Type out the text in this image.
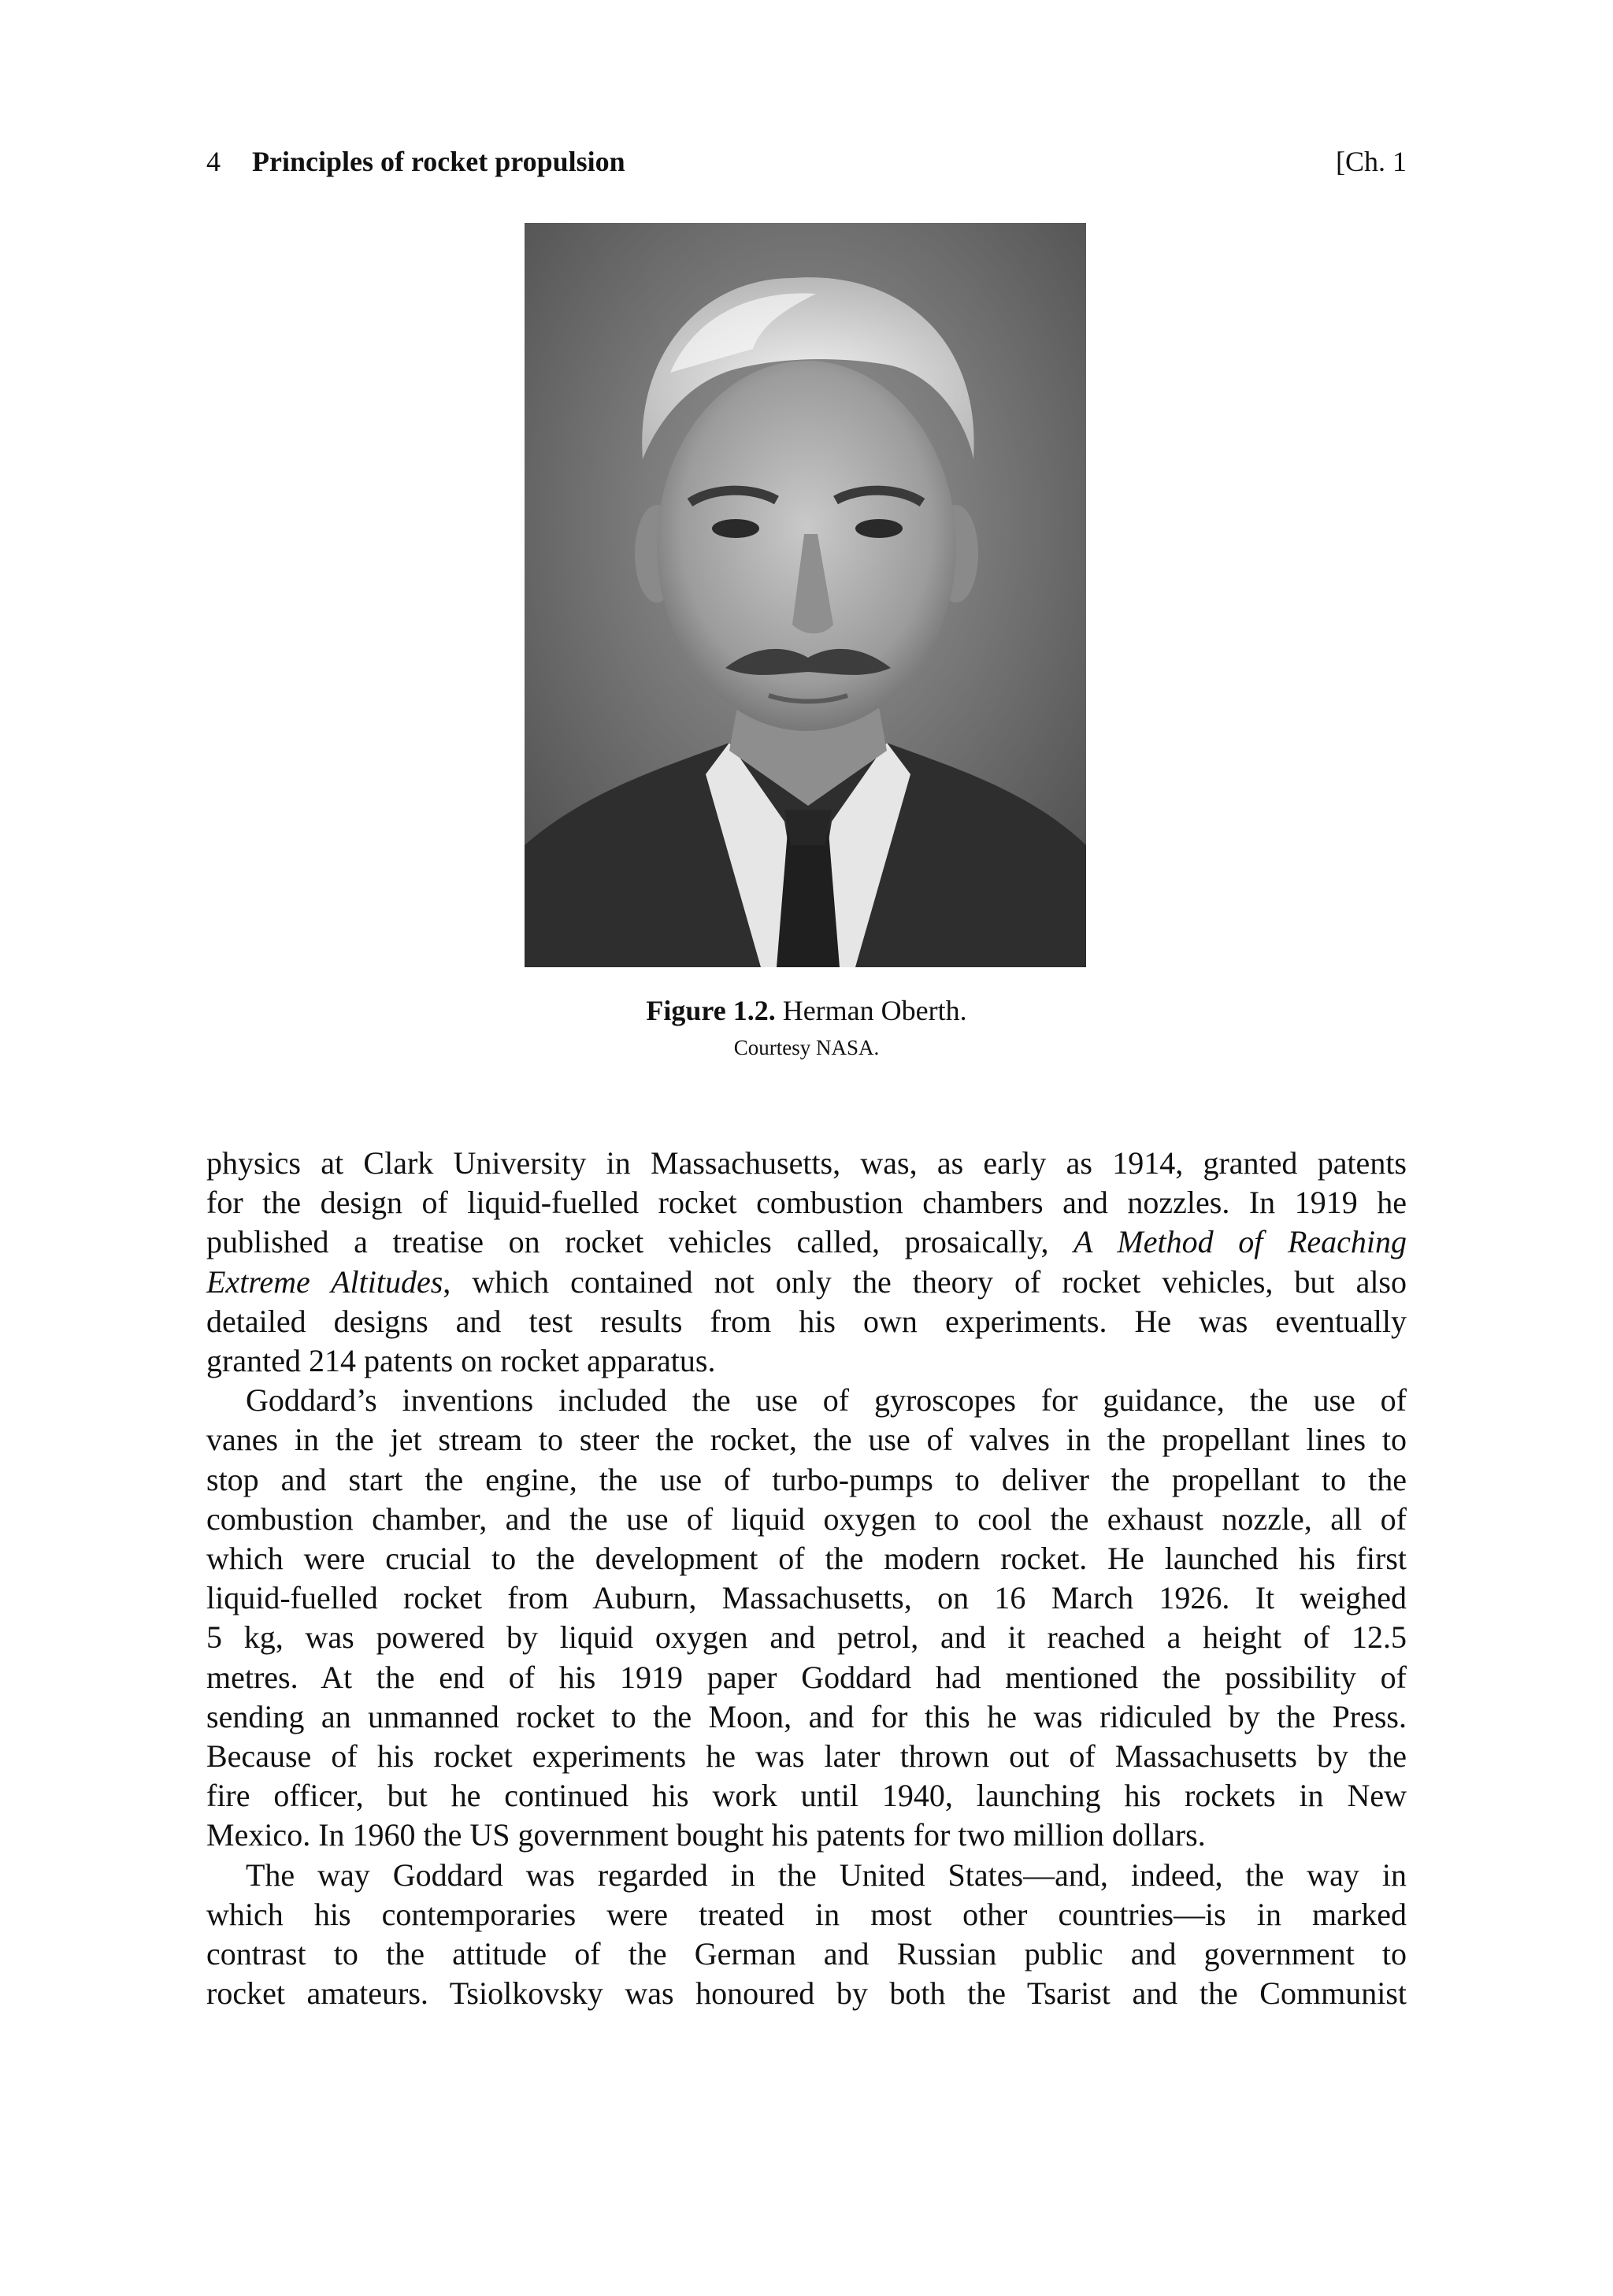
4 Principles of rocket propulsion	[Ch. 1
Figure 1.2. Herman Oberth.
Courtesy NASA.

physics at Clark University in Massachusetts, was, as early as 1914, granted patents
for the design of liquid-fuelled rocket combustion chambers and nozzles. In 1919 he
published a treatise on rocket vehicles called, prosaically, A Method of Reaching
Extreme Altitudes, which contained not only the theory of rocket vehicles, but also
detailed designs and test results from his own experiments. He was eventually
granted 214 patents on rocket apparatus.

Goddard’s inventions included the use of gyroscopes for guidance, the use of
vanes in the jet stream to steer the rocket, the use of valves in the propellant lines to
stop and start the engine, the use of turbo-pumps to deliver the propellant to the
combustion chamber, and the use of liquid oxygen to cool the exhaust nozzle, all of
which were crucial to the development of the modern rocket. He launched his first
liquid-fuelled rocket from Auburn, Massachusetts, on 16 March 1926. It weighed
5 kg, was powered by liquid oxygen and petrol, and it reached a height of 12.5
metres. At the end of his 1919 paper Goddard had mentioned the possibility of
sending an unmanned rocket to the Moon, and for this he was ridiculed by the Press.
Because of his rocket experiments he was later thrown out of Massachusetts by the
fire officer, but he continued his work until 1940, launching his rockets in New
Mexico. In 1960 the US government bought his patents for two million dollars.

The way Goddard was regarded in the United States—and, indeed, the way in
which his contemporaries were treated in most other countries—is in marked
contrast to the attitude of the German and Russian public and government to
rocket amateurs. Tsiolkovsky was honoured by both the Tsarist and the Communist
